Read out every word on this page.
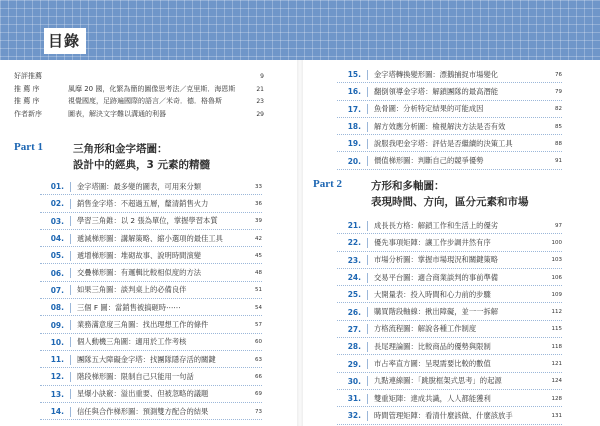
目錄
好評推薦	9
推 薦 序	風靡 20 國，化繁為簡的圖像思考法／克里斯．海恩斯	21
推 薦 序	視覺國度，足跡遍國際的語言／米奇．德．格魯斯	23
作者新序	圖表，解決文字難以溝通的利器	29
Part 1	三角形和金字塔圖：
設計中的經典，3 元素的精髓
01. 金字塔圖：最多變的圖表，可用來分類	33
02. 銷售金字塔：不超過五層，釐清銷售火力	36
03. 學習三角錐：以 2 張為單位，掌握學習本質	39
04. 遞減梯形圖：講解策略、縮小選項的最佳工具	42
05. 遞增梯形圖：堆砌故事、說明時間演變	45
06. 交疊梯形圖：有邏輯比較相似度的方法	48
07. 如果三角圖：談判桌上的必備良伴	51
08. 三個 F 圖：當銷售被搞砸時⋯⋯	54
09. 業務滿意度三角圖：找出理想工作的條件	57
10. 個人動機三角圖：適用於工作考核	60
11. 團隊五大障礙金字塔：找團隊隱存活的關鍵	63
12. 階段梯形圖：限制自己只能用一句話	66
13. 星爆小訣竅：溢出重要、但被忽略的議題	69
14. 信任與合作梯形圖：預測雙方配合的結果	73
15. 金字塔轉換變形圖：漂鵝捕捉市場變化	76
16. 翻倒領導金字塔：解鎖團隊的最高潛能	79
17. 魚骨圖：分析特定結果的可能成因	82
18. 解方效應分析圖：檢視解決方法是否有效	85
19. 說服我吧金字塔：評估是否繼續的決策工具	88
20. 價值梯形圖：判斷自己的競爭優勢	91
Part 2	方形和多軸圖：
表現時間、方向，區分元素和市場
21. 成長長方格：解鎖工作和生活上的優劣	97
22. 優先事項矩陣：讓工作步調井然有序	100
23. 市場分析圖：掌握市場現況和關鍵策略	103
24. 交易平台圖：適合商業談判的事前準備	106
25. 大開量表：投入時間和心力前的步驟	109
26. 購買階段軸線：揪出障礙，並一一拆解	112
27. 方格流程圖：解說各種工作制度	115
28. 長尾理論圖：比較商品的優勢與限制	118
29. 市占率直方圖：呈現需要比較的數值	121
30. 九點連線圖：「跳脫框架式思考」的起源	124
31. 雙重矩陣：達成共識，人人都能獲利	128
32. 時間管理矩陣：看清什麼該做、什麼該放手	131
